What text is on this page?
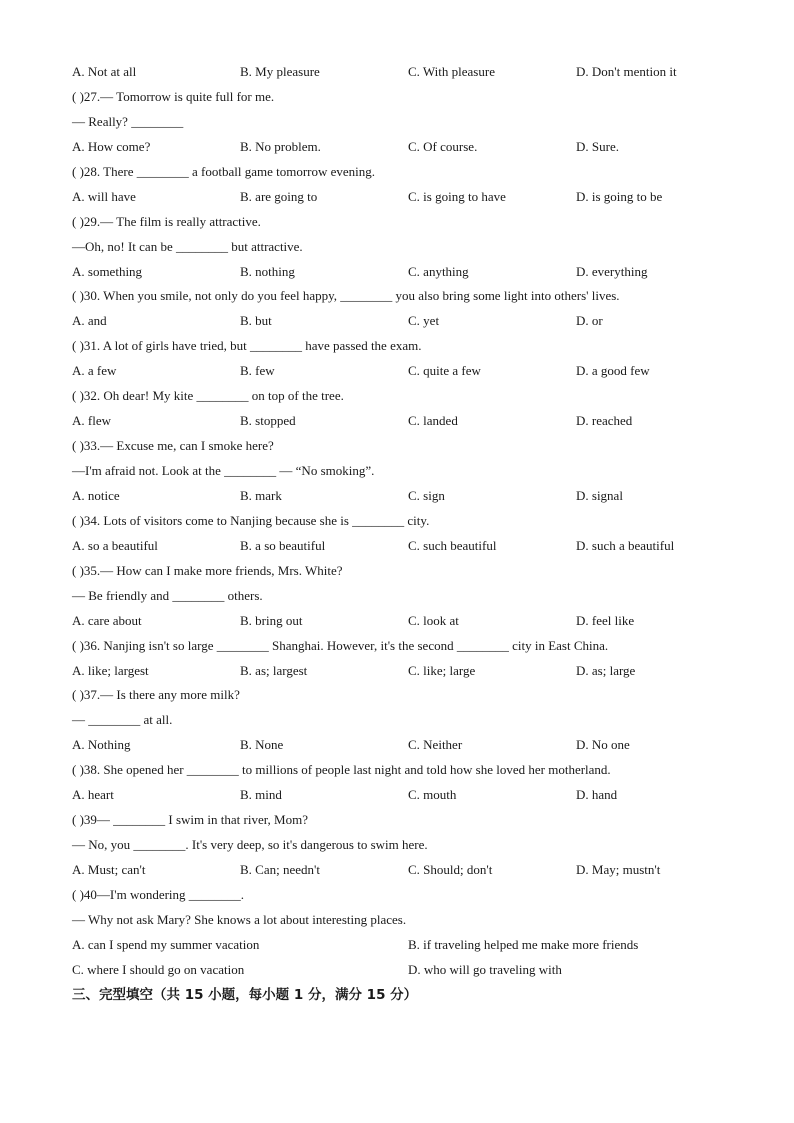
A. Not at all	B. My pleasure	C. With pleasure	D. Don't mention it
( )27.— Tomorrow is quite full for me.
— Really? ________
A. How come?	B. No problem.	C. Of course.	D. Sure.
( )28. There ________ a football game tomorrow evening.
A. will have	B. are going to	C. is going to have	D. is going to be
( )29.— The film is really attractive.
—Oh, no! It can be ________ but attractive.
A. something	B. nothing	C. anything	D. everything
( )30. When you smile, not only do you feel happy, ________ you also bring some light into others' lives.
A. and	B. but	C. yet	D. or
( )31. A lot of girls have tried, but ________ have passed the exam.
A. a few	B. few	C. quite a few	D. a good few
( )32. Oh dear! My kite ________ on top of the tree.
A. flew	B. stopped	C. landed	D. reached
( )33.— Excuse me, can I smoke here?
—I'm afraid not. Look at the ________ — “No smoking”.
A. notice	B. mark	C. sign	D. signal
( )34. Lots of visitors come to Nanjing because she is ________ city.
A. so a beautiful	B. a so beautiful	C. such beautiful	D. such a beautiful
( )35.— How can I make more friends, Mrs. White?
— Be friendly and ________ others.
A. care about	B. bring out	C. look at	D. feel like
( )36. Nanjing isn't so large ________ Shanghai. However, it's the second ________ city in East China.
A. like; largest	B. as; largest	C. like; large	D. as; large
( )37.— Is there any more milk?
— ________ at all.
A. Nothing	B. None	C. Neither	D. No one
( )38. She opened her ________ to millions of people last night and told how she loved her motherland.
A. heart	B. mind	C. mouth	D. hand
( )39— ________ I swim in that river, Mom?
— No, you ________. It's very deep, so it's dangerous to swim here.
A. Must; can't	B. Can; needn't	C. Should; don't	D. May; mustn't
( )40—I'm wondering ________.
— Why not ask Mary? She knows a lot about interesting places.
A. can I spend my summer vacation	B. if traveling helped me make more friends
C. where I should go on vacation	D. who will go traveling with
三、完型填空（共 15 小题，每小题 1 分，满分 15 分）
